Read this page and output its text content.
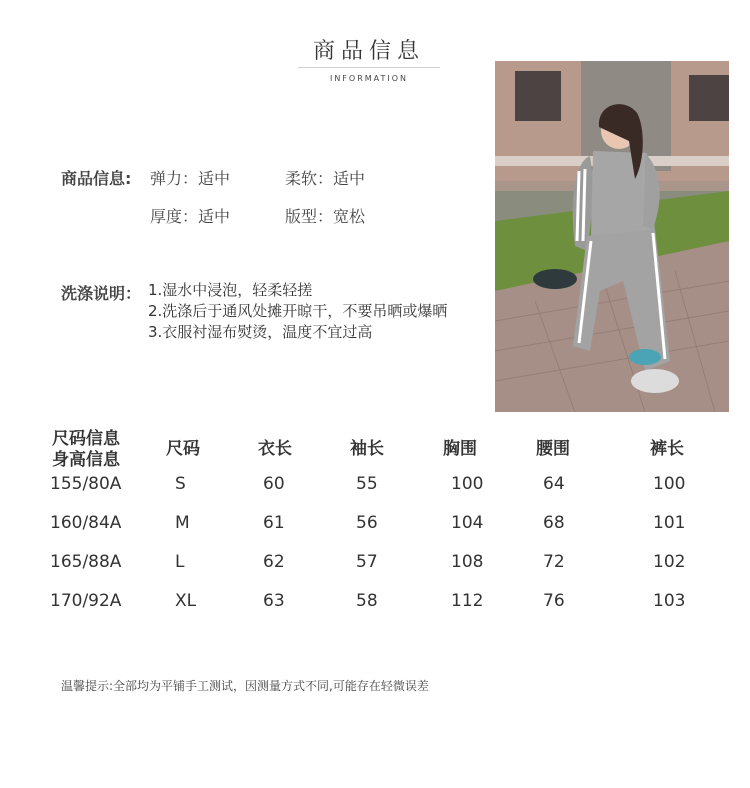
商品信息
INFORMATION
商品信息: 弹力：适中	柔软：适中
厚度：适中	版型：宽松
洗涤说明： 1.湿水中浸泡，轻柔轻搓
2.洗涤后于通风处摊开晾干，不要吊晒或爆晒
3.衣服衬湿布熨烫，温度不宜过高
尺码信息
身高信息
尺码	衣长	袖长	胸围	腰围	裤长
155/80A	S	60	55	100	64	100
160/84A	M	61	56	104	68	101
165/88A	L	62	57	108	72	102
170/92A	XL	63	58	112	76	103
温馨提示:全部均为平铺手工测试，因测量方式不同,可能存在轻微误差
